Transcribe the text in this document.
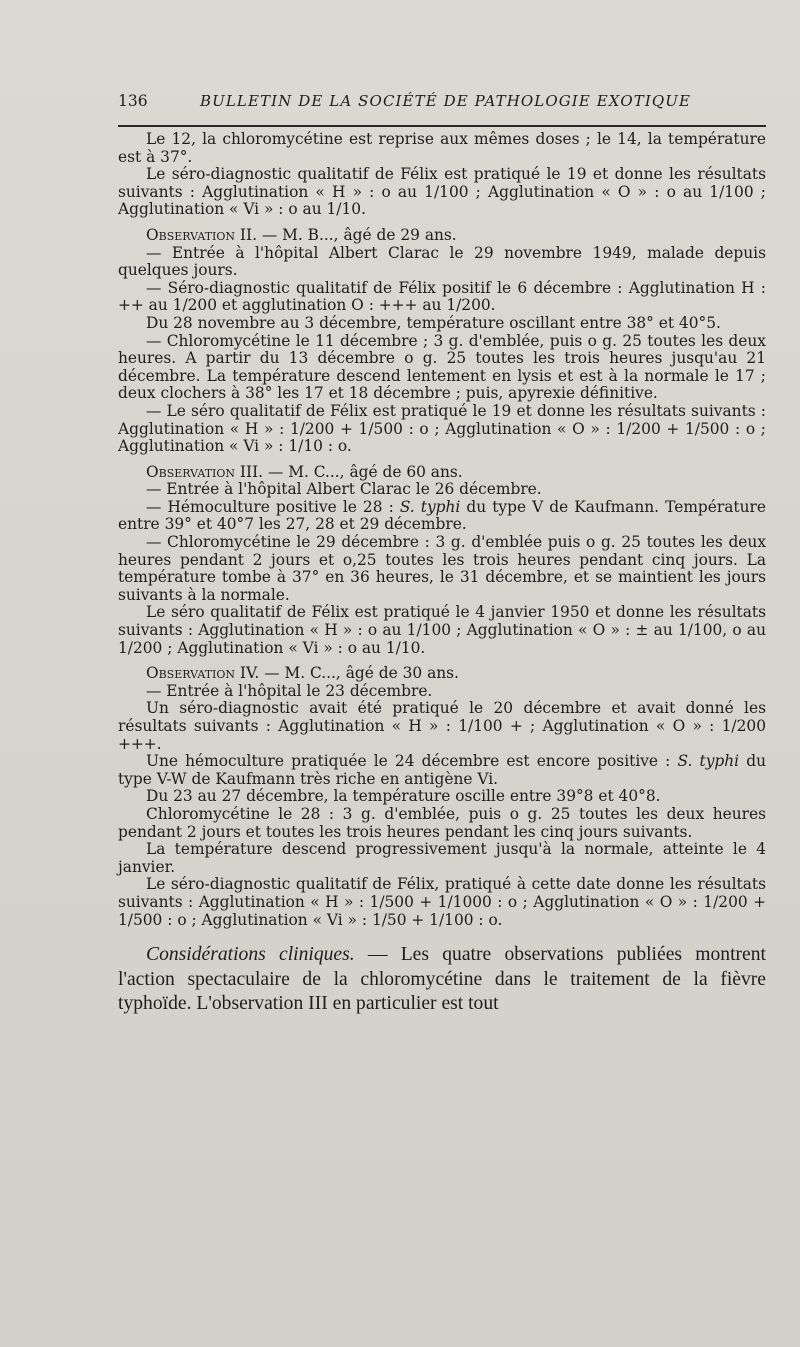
136	BULLETIN DE LA SOCIÉTÉ DE PATHOLOGIE EXOTIQUE

Le 12, la chloromycétine est reprise aux mêmes doses ; le 14, la température est à 37°.

Le séro-diagnostic qualitatif de Félix est pratiqué le 19 et donne les résultats suivants : Agglutination « H » : o au 1/100 ; Agglutination « O » : o au 1/100 ; Agglutination « Vi » : o au 1/10.

Observation II. — M. B..., âgé de 29 ans.

— Entrée à l'hôpital Albert Clarac le 29 novembre 1949, malade depuis quelques jours.

— Séro-diagnostic qualitatif de Félix positif le 6 décembre : Agglutination H : ++ au 1/200 et agglutination O : +++ au 1/200.

Du 28 novembre au 3 décembre, température oscillant entre 38° et 40°5.

— Chloromycétine le 11 décembre ; 3 g. d'emblée, puis o g. 25 toutes les deux heures. A partir du 13 décembre o g. 25 toutes les trois heures jusqu'au 21 décembre. La température descend lentement en lysis et est à la normale le 17 ; deux clochers à 38° les 17 et 18 décembre ; puis, apyrexie définitive.

— Le séro qualitatif de Félix est pratiqué le 19 et donne les résultats suivants : Agglutination « H » : 1/200 + 1/500 : o ; Agglutination « O » : 1/200 + 1/500 : o ; Agglutination « Vi » : 1/10 : o.

Observation III. — M. C..., âgé de 60 ans.

— Entrée à l'hôpital Albert Clarac le 26 décembre.

— Hémoculture positive le 28 : S. typhi du type V de Kaufmann. Température entre 39° et 40°7 les 27, 28 et 29 décembre.

— Chloromycétine le 29 décembre : 3 g. d'emblée puis o g. 25 toutes les deux heures pendant 2 jours et o,25 toutes les trois heures pendant cinq jours. La température tombe à 37° en 36 heures, le 31 décembre, et se maintient les jours suivants à la normale.

Le séro qualitatif de Félix est pratiqué le 4 janvier 1950 et donne les résultats suivants : Agglutination « H » : o au 1/100 ; Agglutination « O » : ± au 1/100, o au 1/200 ; Agglutination « Vi » : o au 1/10.

Observation IV. — M. C..., âgé de 30 ans.

— Entrée à l'hôpital le 23 décembre.

Un séro-diagnostic avait été pratiqué le 20 décembre et avait donné les résultats suivants : Agglutination « H » : 1/100 + ; Agglutination « O » : 1/200 +++.

Une hémoculture pratiquée le 24 décembre est encore positive : S. typhi du type V-W de Kaufmann très riche en antigène Vi.

Du 23 au 27 décembre, la température oscille entre 39°8 et 40°8.

Chloromycétine le 28 : 3 g. d'emblée, puis o g. 25 toutes les deux heures pendant 2 jours et toutes les trois heures pendant les cinq jours suivants.

La température descend progressivement jusqu'à la normale, atteinte le 4 janvier.

Le séro-diagnostic qualitatif de Félix, pratiqué à cette date donne les résultats suivants : Agglutination « H » : 1/500 + 1/1000 : o ; Agglutination « O » : 1/200 + 1/500 : o ; Agglutination « Vi » : 1/50 + 1/100 : o.

Considérations cliniques. — Les quatre observations publiées montrent l'action spectaculaire de la chloromycétine dans le traitement de la fièvre typhoïde. L'observation III en particulier est tout
